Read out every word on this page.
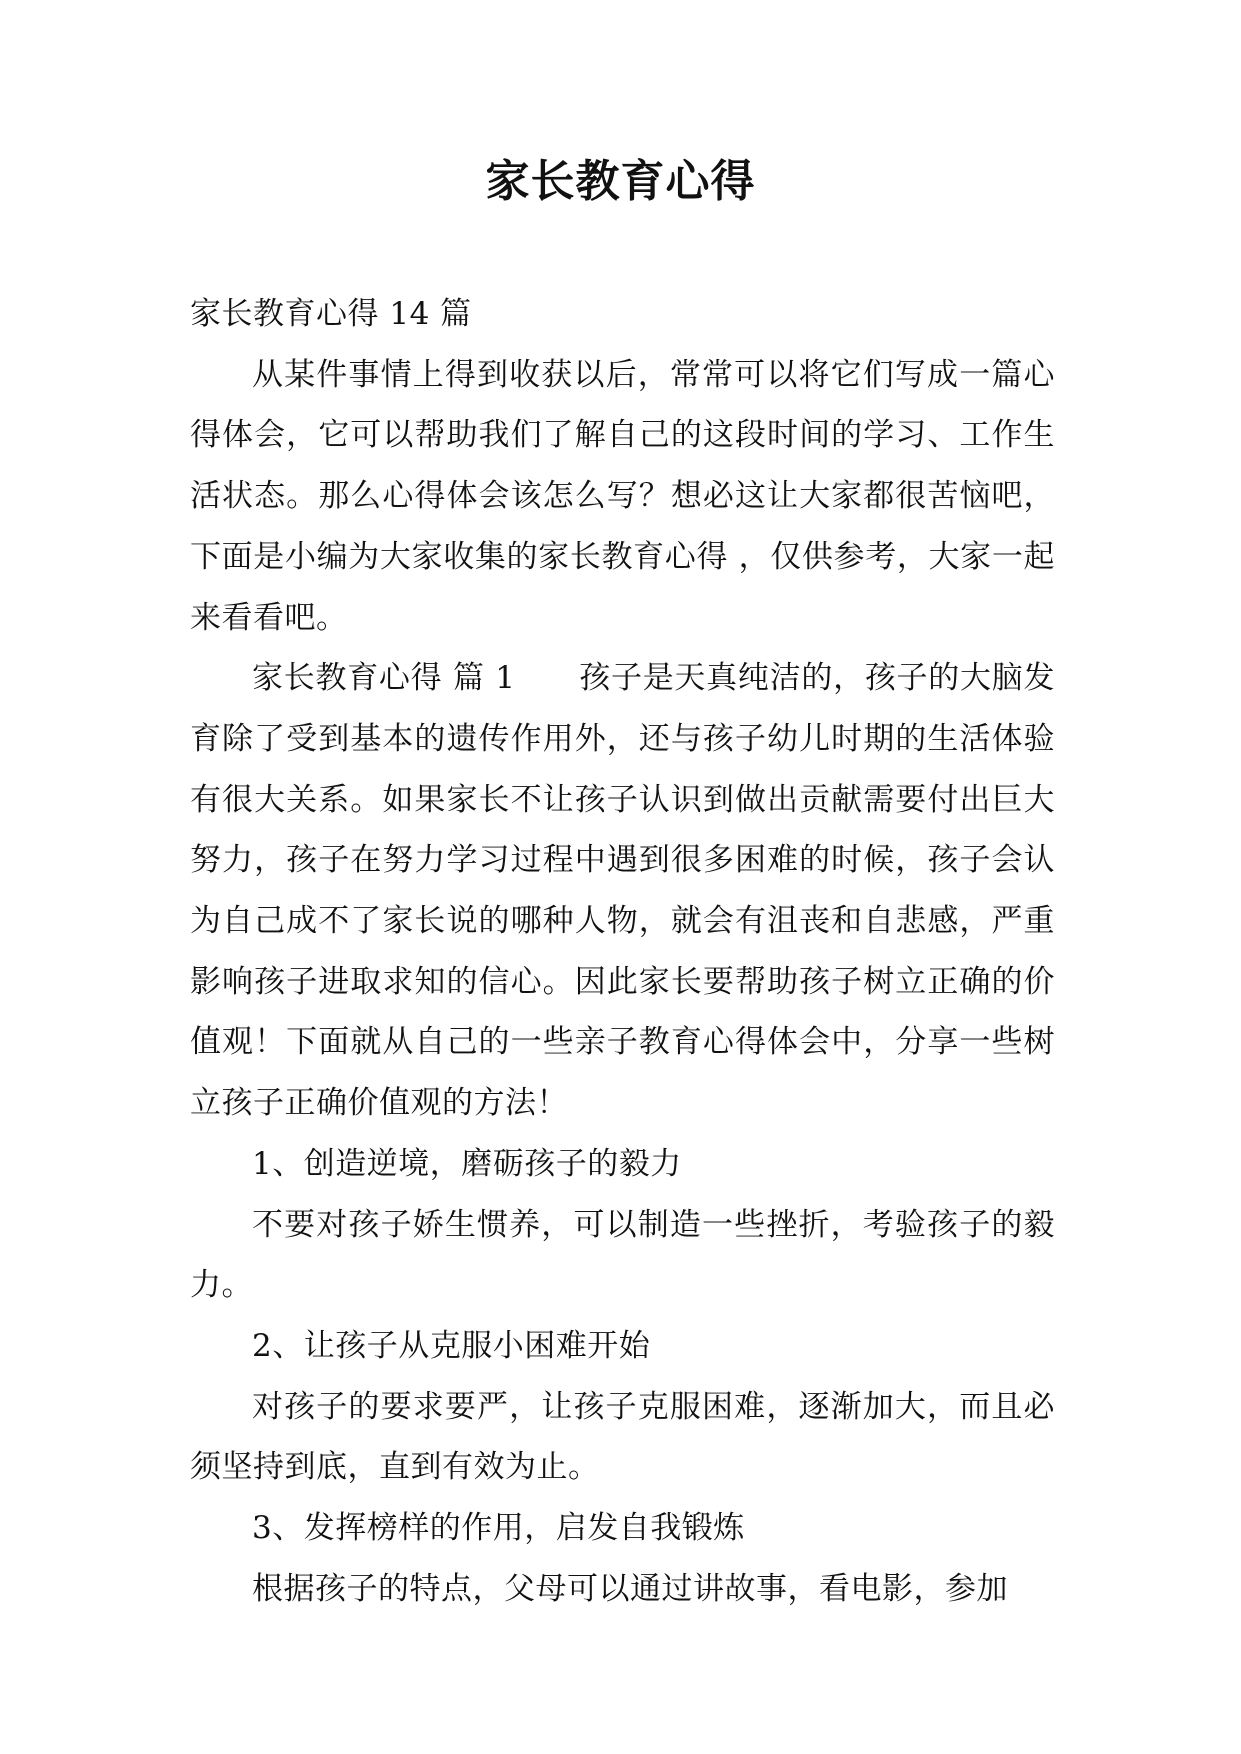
家长教育心得

家长教育心得 14 篇

从某件事情上得到收获以后，常常可以将它们写成一篇心得体会，它可以帮助我们了解自己的这段时间的学习、工作生活状态。那么心得体会该怎么写？想必这让大家都很苦恼吧，下面是小编为大家收集的家长教育心得 ，仅供参考，大家一起来看看吧。

家长教育心得 篇 1　　孩子是天真纯洁的，孩子的大脑发育除了受到基本的遗传作用外，还与孩子幼儿时期的生活体验有很大关系。如果家长不让孩子认识到做出贡献需要付出巨大努力，孩子在努力学习过程中遇到很多困难的时候，孩子会认为自己成不了家长说的哪种人物，就会有沮丧和自悲感，严重影响孩子进取求知的信心。因此家长要帮助孩子树立正确的价值观！下面就从自己的一些亲子教育心得体会中，分享一些树立孩子正确价值观的方法！

1、创造逆境，磨砺孩子的毅力

不要对孩子娇生惯养，可以制造一些挫折，考验孩子的毅力。

2、让孩子从克服小困难开始

对孩子的要求要严，让孩子克服困难，逐渐加大，而且必须坚持到底，直到有效为止。

3、发挥榜样的作用，启发自我锻炼

根据孩子的特点，父母可以通过讲故事，看电影，参加
